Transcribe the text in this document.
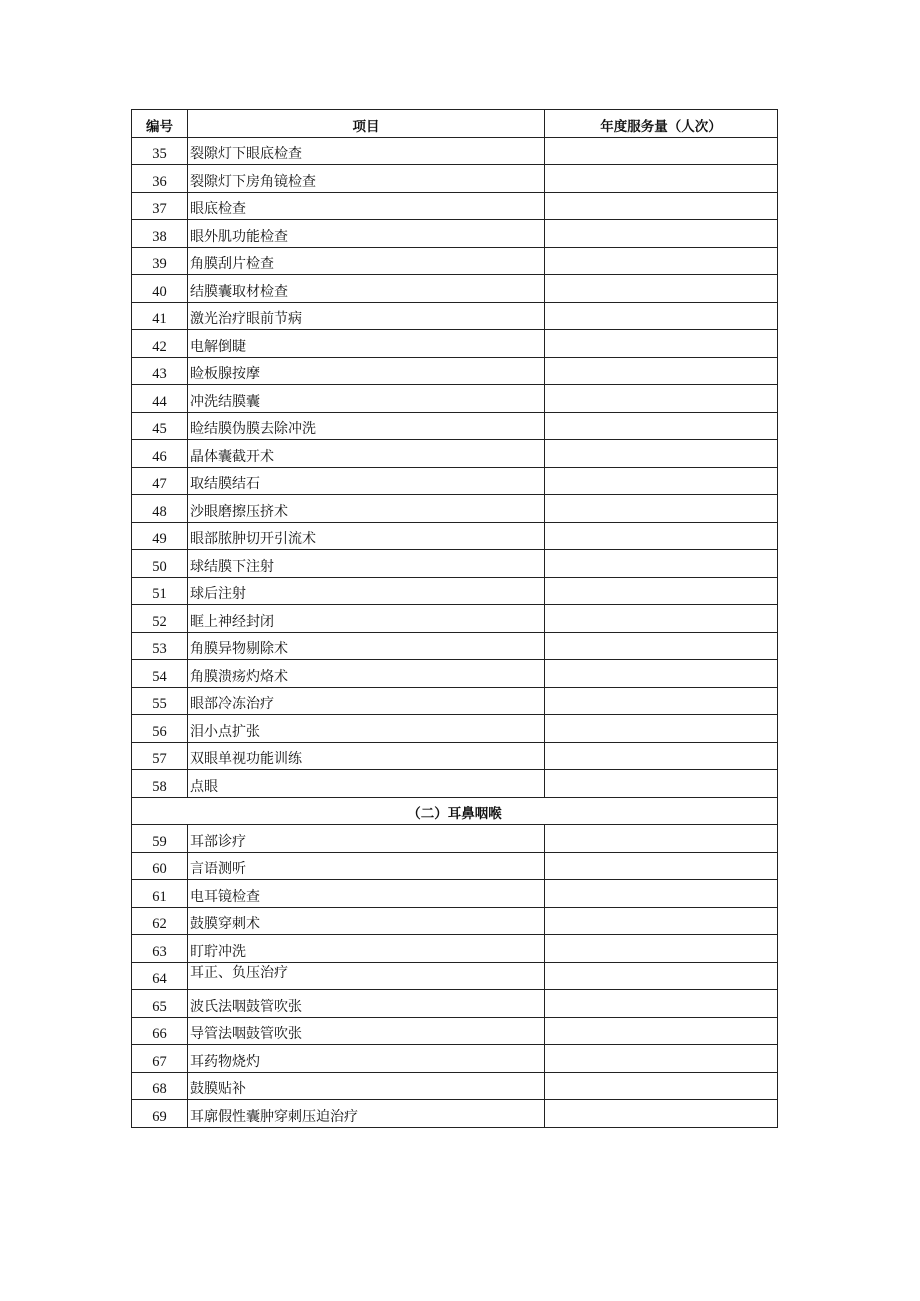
编号	项目	年度服务量（人次）
35	裂隙灯下眼底检查	
36	裂隙灯下房角镜检查	
37	眼底检查	
38	眼外肌功能检查	
39	角膜刮片检查	
40	结膜囊取材检查	
41	激光治疗眼前节病	
42	电解倒睫	
43	睑板腺按摩	
44	冲洗结膜囊	
45	睑结膜伪膜去除冲洗	
46	晶体囊截开术	
47	取结膜结石	
48	沙眼磨擦压挤术	
49	眼部脓肿切开引流术	
50	球结膜下注射	
51	球后注射	
52	眶上神经封闭	
53	角膜异物剔除术	
54	角膜溃疡灼烙术	
55	眼部冷冻治疗	
56	泪小点扩张	
57	双眼单视功能训练	
58	点眼	
（二）耳鼻咽喉		
59	耳部诊疗	
60	言语测听	
61	电耳镜检查	
62	鼓膜穿刺术	
63	盯聍冲洗	
64	耳正、负压治疗	
65	波氏法咽鼓管吹张	
66	导管法咽鼓管吹张	
67	耳药物烧灼	
68	鼓膜贴补	
69	耳廓假性囊肿穿刺压迫治疗	
